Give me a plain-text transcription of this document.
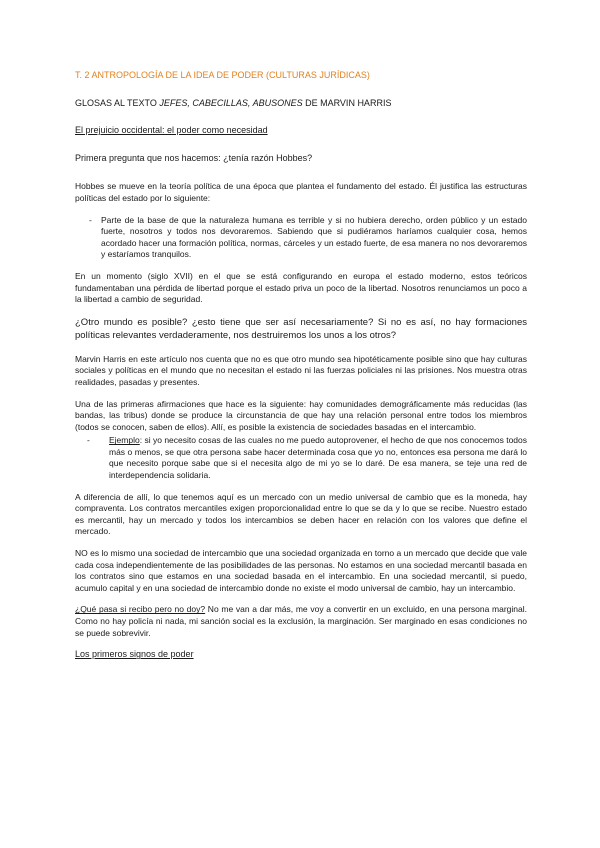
T. 2 ANTROPOLOGÍA DE LA IDEA DE PODER (CULTURAS JURÍDICAS)
GLOSAS AL TEXTO JEFES, CABECILLAS, ABUSONES DE MARVIN HARRIS
El prejuicio occidental: el poder como necesidad
Primera pregunta que nos hacemos: ¿tenía razón Hobbes?

Hobbes se mueve en la teoría política de una época que plantea el fundamento del estado. Él justifica las estructuras políticas del estado por lo siguiente:

- Parte de la base de que la naturaleza humana es terrible y si no hubiera derecho, orden público y un estado fuerte, nosotros y todos nos devoraremos. Sabiendo que si pudiéramos haríamos cualquier cosa, hemos acordado hacer una formación política, normas, cárceles y un estado fuerte, de esa manera no nos devoraremos y estaríamos tranquilos.

En un momento (siglo XVII) en el que se está configurando en europa el estado moderno, estos teóricos fundamentaban una pérdida de libertad porque el estado priva un poco de la libertad. Nosotros renunciamos un poco a la libertad a cambio de seguridad.

¿Otro mundo es posible? ¿esto tiene que ser así necesariamente? Si no es así, no hay formaciones políticas relevantes verdaderamente, nos destruiremos los unos a los otros?

Marvin Harris en este artículo nos cuenta que no es que otro mundo sea hipotéticamente posible sino que hay culturas sociales y políticas en el mundo que no necesitan el estado ni las fuerzas policiales ni las prisiones. Nos muestra otras realidades, pasadas y presentes.

Una de las primeras afirmaciones que hace es la siguiente: hay comunidades demográficamente más reducidas (las bandas, las tribus) donde se produce la circunstancia de que hay una relación personal entre todos los miembros (todos se conocen, saben de ellos). Allí, es posible la existencia de sociedades basadas en el intercambio.

- Ejemplo: si yo necesito cosas de las cuales no me puedo autoprovener, el hecho de que nos conocemos todos más o menos, se que otra persona sabe hacer determinada cosa que yo no, entonces esa persona me dará lo que necesito porque sabe que si el necesita algo de mi yo se lo daré. De esa manera, se teje una red de interdependencia solidaria.

A diferencia de allí, lo que tenemos aquí es un mercado con un medio universal de cambio que es la moneda, hay compraventa. Los contratos mercantiles exigen proporcionalidad entre lo que se da y lo que se recibe. Nuestro estado es mercantil, hay un mercado y todos los intercambios se deben hacer en relación con los valores que define el mercado.

NO es lo mismo una sociedad de intercambio que una sociedad organizada en torno a un mercado que decide que vale cada cosa independientemente de las posibilidades de las personas. No estamos en una sociedad mercantil basada en los contratos sino que estamos en una sociedad basada en el intercambio. En una sociedad mercantil, si puedo, acumulo capital y en una sociedad de intercambio donde no existe el modo universal de cambio, hay un intercambio.

¿Qué pasa si recibo pero no doy? No me van a dar más, me voy a convertir en un excluido, en una persona marginal. Como no hay policía ni nada, mi sanción social es la exclusión, la marginación. Ser marginado en esas condiciones no se puede sobrevivir.

Los primeros signos de poder
